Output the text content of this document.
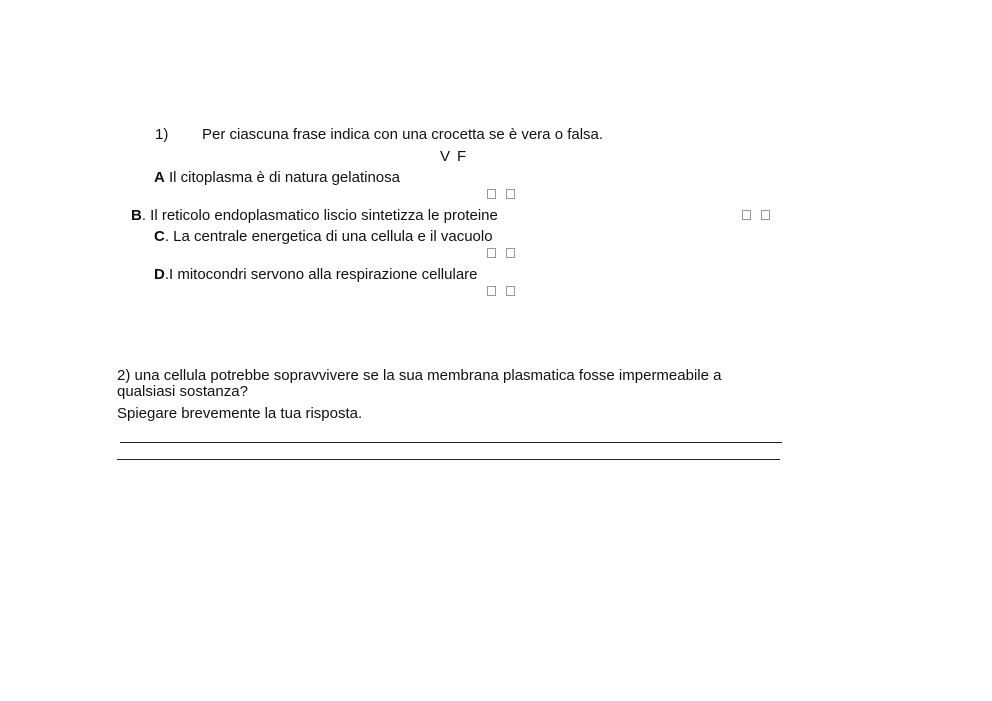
1) Per ciascuna frase indica con una crocetta se è vera o falsa.
V F
A Il citoplasma è di natura gelatinosa
B. Il reticolo endoplasmatico liscio sintetizza le proteine
C. La centrale energetica di una cellula e il vacuolo
D.I mitocondri servono alla respirazione cellulare
2) una cellula potrebbe sopravvivere se la sua membrana plasmatica fosse impermeabile a
qualsiasi sostanza?
Spiegare brevemente la tua risposta.
